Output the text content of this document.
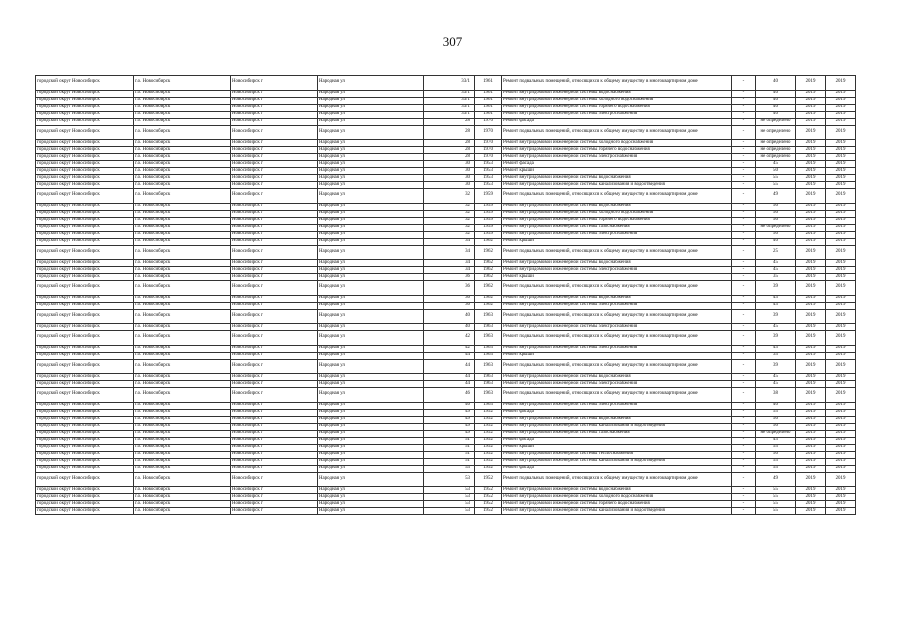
307
городской округ Новосибирск	г.о. Новосибирск	Новосибирск г	Народная ул	33/1	1961	Ремонт подвальных помещений, относящихся к общему имуществу в многоквартирном доме	-	40	2019	2019
городской округ Новосибирск	г.о. Новосибирск	Новосибирск г	Народная ул	33/1	1961	Ремонт внутридомовой инженерной системы водоснабжения	-	40	2019	2019
городской округ Новосибирск	г.о. Новосибирск	Новосибирск г	Народная ул	33/1	1961	Ремонт внутридомовой инженерной системы холодного водоснабжения	-	40	2019	2019
городской округ Новосибирск	г.о. Новосибирск	Новосибирск г	Народная ул	33/1	1961	Ремонт внутридомовой инженерной системы горячего водоснабжения	-	40	2019	2019
городской округ Новосибирск	г.о. Новосибирск	Новосибирск г	Народная ул	33/1	1961	Ремонт внутридомовой инженерной системы электроснабжения	-	40	2019	2019
городской округ Новосибирск	г.о. Новосибирск	Новосибирск г	Народная ул	28	1970	Ремонт фасада	-	не определено	2019	2019
городской округ Новосибирск	г.о. Новосибирск	Новосибирск г	Народная ул	28	1970	Ремонт подвальных помещений, относящихся к общему имуществу в многоквартирном доме	-	не определено	2019	2019
городской округ Новосибирск	г.о. Новосибирск	Новосибирск г	Народная ул	28	1970	Ремонт внутридомовой инженерной системы холодного водоснабжения	-	не определено	2019	2019
городской округ Новосибирск	г.о. Новосибирск	Новосибирск г	Народная ул	28	1970	Ремонт внутридомовой инженерной системы горячего водоснабжения	-	не определено	2019	2019
городской округ Новосибирск	г.о. Новосибирск	Новосибирск г	Народная ул	28	1970	Ремонт внутридомовой инженерной системы электроснабжения	-	не определено	2019	2019
городской округ Новосибирск	г.о. Новосибирск	Новосибирск г	Народная ул	30	1953	Ремонт фасада	-	45	2019	2019
городской округ Новосибирск	г.о. Новосибирск	Новосибирск г	Народная ул	30	1953	Ремонт крыши	-	50	2019	2019
городской округ Новосибирск	г.о. Новосибирск	Новосибирск г	Народная ул	30	1953	Ремонт внутридомовой инженерной системы водоснабжения	-	55	2019	2019
городской округ Новосибирск	г.о. Новосибирск	Новосибирск г	Народная ул	30	1953	Ремонт внутридомовой инженерной системы канализования и водоотведения	-	55	2019	2019
городской округ Новосибирск	г.о. Новосибирск	Новосибирск г	Народная ул	32	1959	Ремонт подвальных помещений, относящихся к общему имуществу в многоквартирном доме	-	49	2019	2019
городской округ Новосибирск	г.о. Новосибирск	Новосибирск г	Народная ул	32	1959	Ремонт внутридомовой инженерной системы водоснабжения	-	50	2019	2019
городской округ Новосибирск	г.о. Новосибирск	Новосибирск г	Народная ул	32	1959	Ремонт внутридомовой инженерной системы холодного водоснабжения	-	50	2019	2019
городской округ Новосибирск	г.о. Новосибирск	Новосибирск г	Народная ул	32	1959	Ремонт внутридомовой инженерной системы горячего водоснабжения	-	50	2019	2019
городской округ Новосибирск	г.о. Новосибирск	Новосибирск г	Народная ул	32	1959	Ремонт внутридомовой инженерной системы газоснабжения	-	не определено	2019	2019
городской округ Новосибирск	г.о. Новосибирск	Новосибирск г	Народная ул	32	1959	Ремонт внутридомовой инженерной системы электроснабжения	-	50	2019	2019
городской округ Новосибирск	г.о. Новосибирск	Новосибирск г	Народная ул	34	1962	Ремонт крыши	-	40	2019	2019
городской округ Новосибирск	г.о. Новосибирск	Новосибирск г	Народная ул	34	1962	Ремонт подвальных помещений, относящихся к общему имуществу в многоквартирном доме	-	25	2019	2019
городской округ Новосибирск	г.о. Новосибирск	Новосибирск г	Народная ул	34	1962	Ремонт внутридомовой инженерной системы водоснабжения	-	45	2019	2019
городской округ Новосибирск	г.о. Новосибирск	Новосибирск г	Народная ул	34	1962	Ремонт внутридомовой инженерной системы электроснабжения	-	45	2019	2019
городской округ Новосибирск	г.о. Новосибирск	Новосибирск г	Народная ул	36	1962	Ремонт крыши	-	35	2019	2019
городской округ Новосибирск	г.о. Новосибирск	Новосибирск г	Народная ул	36	1962	Ремонт подвальных помещений, относящихся к общему имуществу в многоквартирном доме	-	39	2019	2019
городской округ Новосибирск	г.о. Новосибирск	Новосибирск г	Народная ул	36	1962	Ремонт внутридомовой инженерной системы водоснабжения	-	45	2019	2019
городской округ Новосибирск	г.о. Новосибирск	Новосибирск г	Народная ул	36	1962	Ремонт внутридомовой инженерной системы электроснабжения	-	45	2019	2019
городской округ Новосибирск	г.о. Новосибирск	Новосибирск г	Народная ул	40	1963	Ремонт подвальных помещений, относящихся к общему имуществу в многоквартирном доме	-	39	2019	2019
городской округ Новосибирск	г.о. Новосибирск	Новосибирск г	Народная ул	40	1963	Ремонт внутридомовой инженерной системы электроснабжения	-	45	2019	2019
городской округ Новосибирск	г.о. Новосибирск	Новосибирск г	Народная ул	42	1963	Ремонт подвальных помещений, относящихся к общему имуществу в многоквартирном доме	-	39	2019	2019
городской округ Новосибирск	г.о. Новосибирск	Новосибирск г	Народная ул	42	1963	Ремонт внутридомовой инженерной системы электроснабжения	-	45	2019	2019
городской округ Новосибирск	г.о. Новосибирск	Новосибирск г	Народная ул	44	1963	Ремонт крыши	-	35	2019	2019
городской округ Новосибирск	г.о. Новосибирск	Новосибирск г	Народная ул	44	1963	Ремонт подвальных помещений, относящихся к общему имуществу в многоквартирном доме	-	39	2019	2019
городской округ Новосибирск	г.о. Новосибирск	Новосибирск г	Народная ул	44	1963	Ремонт внутридомовой инженерной системы водоснабжения	-	45	2019	2019
городской округ Новосибирск	г.о. Новосибирск	Новосибирск г	Народная ул	44	1963	Ремонт внутридомовой инженерной системы электроснабжения	-	45	2019	2019
городской округ Новосибирск	г.о. Новосибирск	Новосибирск г	Народная ул	46	1963	Ремонт подвальных помещений, относящихся к общему имуществу в многоквартирном доме	-	38	2019	2019
городской округ Новосибирск	г.о. Новосибирск	Новосибирск г	Народная ул	46	1963	Ремонт внутридомовой инженерной системы электроснабжения	-	40	2019	2019
городской округ Новосибирск	г.о. Новосибирск	Новосибирск г	Народная ул	49	1952	Ремонт фасада	-	55	2019	2019
городской округ Новосибирск	г.о. Новосибирск	Новосибирск г	Народная ул	49	1952	Ремонт внутридомовой инженерной системы водоснабжения	-	50	2019	2019
городской округ Новосибирск	г.о. Новосибирск	Новосибирск г	Народная ул	49	1952	Ремонт внутридомовой инженерной системы канализования и водоотведения	-	50	2019	2019
городской округ Новосибирск	г.о. Новосибирск	Новосибирск г	Народная ул	49	1952	Ремонт внутридомовой инженерной системы газоснабжения	-	не определено	2019	2019
городской округ Новосибирск	г.о. Новосибирск	Новосибирск г	Народная ул	51	1952	Ремонт фасада	-	45	2019	2019
городской округ Новосибирск	г.о. Новосибирск	Новосибирск г	Народная ул	51	1952	Ремонт крыши	-	55	2019	2019
городской округ Новосибирск	г.о. Новосибирск	Новосибирск г	Народная ул	51	1952	Ремонт внутридомовой инженерной системы теплоснабжения	-	50	2019	2019
городской округ Новосибирск	г.о. Новосибирск	Новосибирск г	Народная ул	51	1952	Ремонт внутридомовой инженерной системы канализования и водоотведения	-	55	2019	2019
городской округ Новосибирск	г.о. Новосибирск	Новосибирск г	Народная ул	53	1952	Ремонт фасада	-	55	2019	2019
городской округ Новосибирск	г.о. Новосибирск	Новосибирск г	Народная ул	53	1952	Ремонт подвальных помещений, относящихся к общему имуществу в многоквартирном доме	-	49	2019	2019
городской округ Новосибирск	г.о. Новосибирск	Новосибирск г	Народная ул	53	1952	Ремонт внутридомовой инженерной системы водоснабжения	-	55	2019	2019
городской округ Новосибирск	г.о. Новосибирск	Новосибирск г	Народная ул	53	1952	Ремонт внутридомовой инженерной системы холодного водоснабжения	-	55	2019	2019
городской округ Новосибирск	г.о. Новосибирск	Новосибирск г	Народная ул	53	1952	Ремонт внутридомовой инженерной системы горячего водоснабжения	-	55	2019	2019
городской округ Новосибирск	г.о. Новосибирск	Новосибирск г	Народная ул	53	1952	Ремонт внутридомовой инженерной системы канализования и водоотведения	-	55	2019	2019
